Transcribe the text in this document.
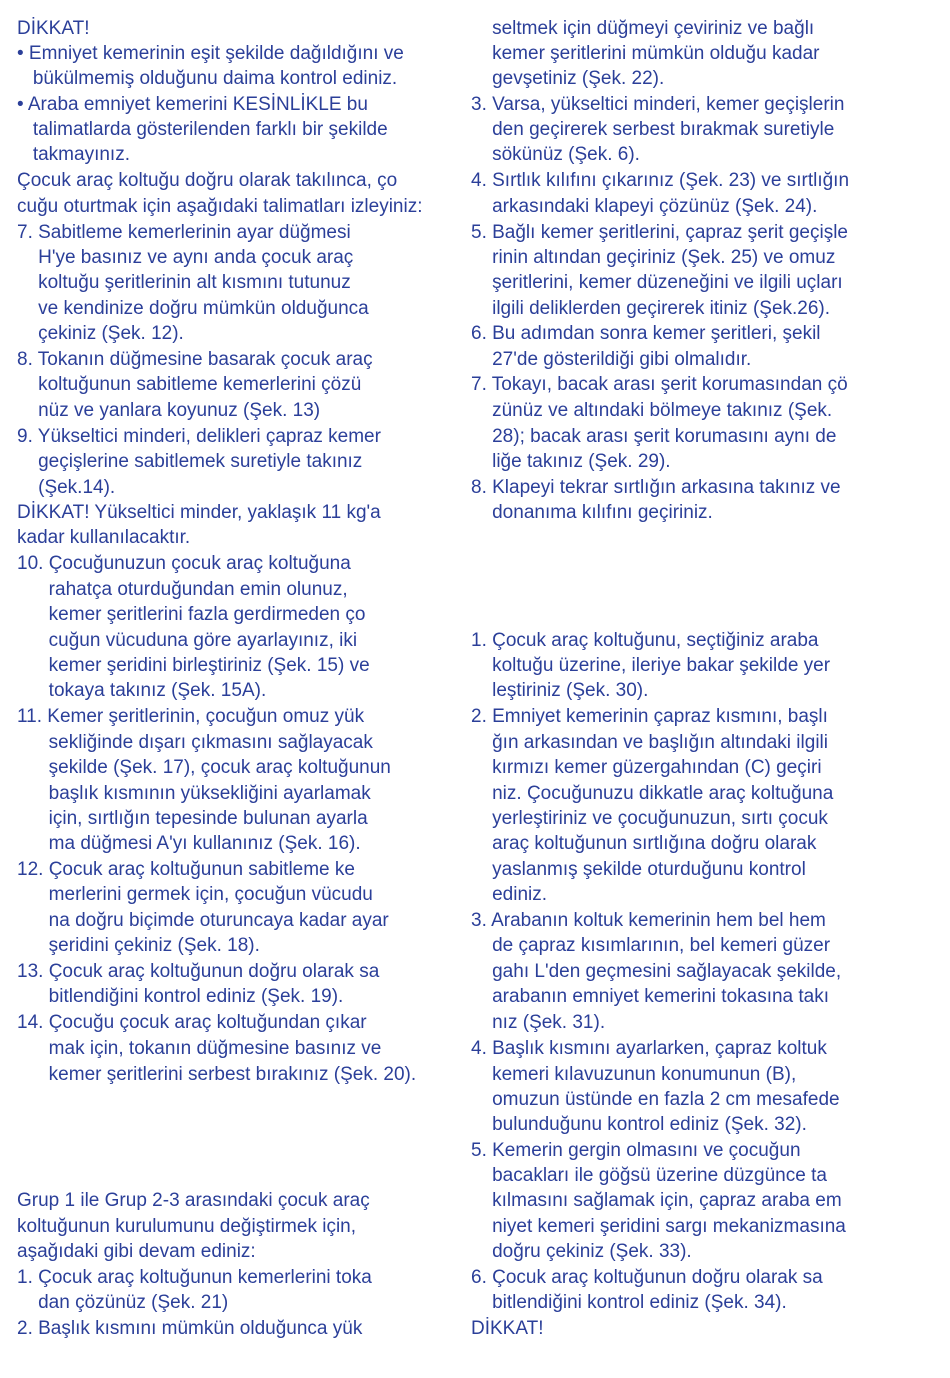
DİKKAT!
• Emniyet kemerinin eşit şekilde dağıldığını ve
bükülmemiş olduğunu daima kontrol ediniz.
• Araba emniyet kemerini KESİNLİKLE bu
talimatlarda gösterilenden farklı bir şekilde
takmayınız.
Çocuk araç koltuğu doğru olarak takılınca, ço
cuğu oturtmak için aşağıdaki talimatları izleyiniz:
7. Sabitleme kemerlerinin ayar düğmesi
H'ye basınız ve aynı anda çocuk araç
koltuğu şeritlerinin alt kısmını tutunuz
ve kendinize doğru mümkün olduğunca
çekiniz (Şek. 12).
8. Tokanın düğmesine basarak çocuk araç
koltuğunun sabitleme kemerlerini çözü
nüz ve yanlara koyunuz (Şek. 13)
9. Yükseltici minderi, delikleri çapraz kemer
geçişlerine sabitlemek suretiyle takınız
(Şek.14).
DİKKAT! Yükseltici minder, yaklaşık 11 kg'a
kadar kullanılacaktır.
10. Çocuğunuzun çocuk araç koltuğuna
rahatça oturduğundan emin olunuz,
kemer şeritlerini fazla gerdirmeden ço
cuğun vücuduna göre ayarlayınız, iki
kemer şeridini birleştiriniz (Şek. 15) ve
tokaya takınız (Şek. 15A).
11. Kemer şeritlerinin, çocuğun omuz yük
sekliğinde dışarı çıkmasını sağlayacak
şekilde (Şek. 17), çocuk araç koltuğunun
başlık kısmının yüksekliğini ayarlamak
için, sırtlığın tepesinde bulunan ayarla
ma düğmesi A'yı kullanınız (Şek. 16).
12. Çocuk araç koltuğunun sabitleme ke
merlerini germek için, çocuğun vücudu
na doğru biçimde oturuncaya kadar ayar
şeridini çekiniz (Şek. 18).
13. Çocuk araç koltuğunun doğru olarak sa
bitlendiğini kontrol ediniz (Şek. 19).
14. Çocuğu çocuk araç koltuğundan çıkar
mak için, tokanın düğmesine basınız ve
kemer şeritlerini serbest bırakınız (Şek. 20).
Grup 1 ile Grup 2-3 arasındaki çocuk araç
koltuğunun kurulumunu değiştirmek için,
aşağıdaki gibi devam ediniz:
1. Çocuk araç koltuğunun kemerlerini toka
dan çözünüz (Şek. 21)
2. Başlık kısmını mümkün olduğunca yük
seltmek için düğmeyi çeviriniz ve bağlı
kemer şeritlerini mümkün olduğu kadar
gevşetiniz (Şek. 22).
3. Varsa, yükseltici minderi, kemer geçişlerin
den geçirerek serbest bırakmak suretiyle
sökünüz (Şek. 6).
4. Sırtlık kılıfını çıkarınız (Şek. 23) ve sırtlığın
arkasındaki klapeyi çözünüz (Şek. 24).
5. Bağlı kemer şeritlerini, çapraz şerit geçişle
rinin altından geçiriniz (Şek. 25) ve omuz
şeritlerini, kemer düzeneğini ve ilgili uçları
ilgili deliklerden geçirerek itiniz (Şek.26).
6. Bu adımdan sonra kemer şeritleri, şekil
27'de gösterildiği gibi olmalıdır.
7. Tokayı, bacak arası şerit korumasından çö
zünüz ve altındaki bölmeye takınız (Şek.
28); bacak arası şerit korumasını aynı de
liğe takınız (Şek. 29).
8. Klapeyi tekrar sırtlığın arkasına takınız ve
donanıma kılıfını geçiriniz.
1. Çocuk araç koltuğunu, seçtiğiniz araba
koltuğu üzerine, ileriye bakar şekilde yer
leştiriniz (Şek. 30).
2. Emniyet kemerinin çapraz kısmını, başlı
ğın arkasından ve başlığın altındaki ilgili
kırmızı kemer güzergahından (C) geçiri
niz. Çocuğunuzu dikkatle araç koltuğuna
yerleştiriniz ve çocuğunuzun, sırtı çocuk
araç koltuğunun sırtlığına doğru olarak
yaslanmış şekilde oturduğunu kontrol
ediniz.
3. Arabanın koltuk kemerinin hem bel hem
de çapraz kısımlarının, bel kemeri güzer
gahı L'den geçmesini sağlayacak şekilde,
arabanın emniyet kemerini tokasına takı
nız (Şek. 31).
4. Başlık kısmını ayarlarken, çapraz koltuk
kemeri kılavuzunun konumunun (B),
omuzun üstünde en fazla 2 cm mesafede
bulunduğunu kontrol ediniz (Şek. 32).
5. Kemerin gergin olmasını ve çocuğun
bacakları ile göğsü üzerine düzgünce ta
kılmasını sağlamak için, çapraz araba em
niyet kemeri şeridini sargı mekanizmasına
doğru çekiniz (Şek. 33).
6. Çocuk araç koltuğunun doğru olarak sa
bitlendiğini kontrol ediniz (Şek. 34).
DİKKAT!
